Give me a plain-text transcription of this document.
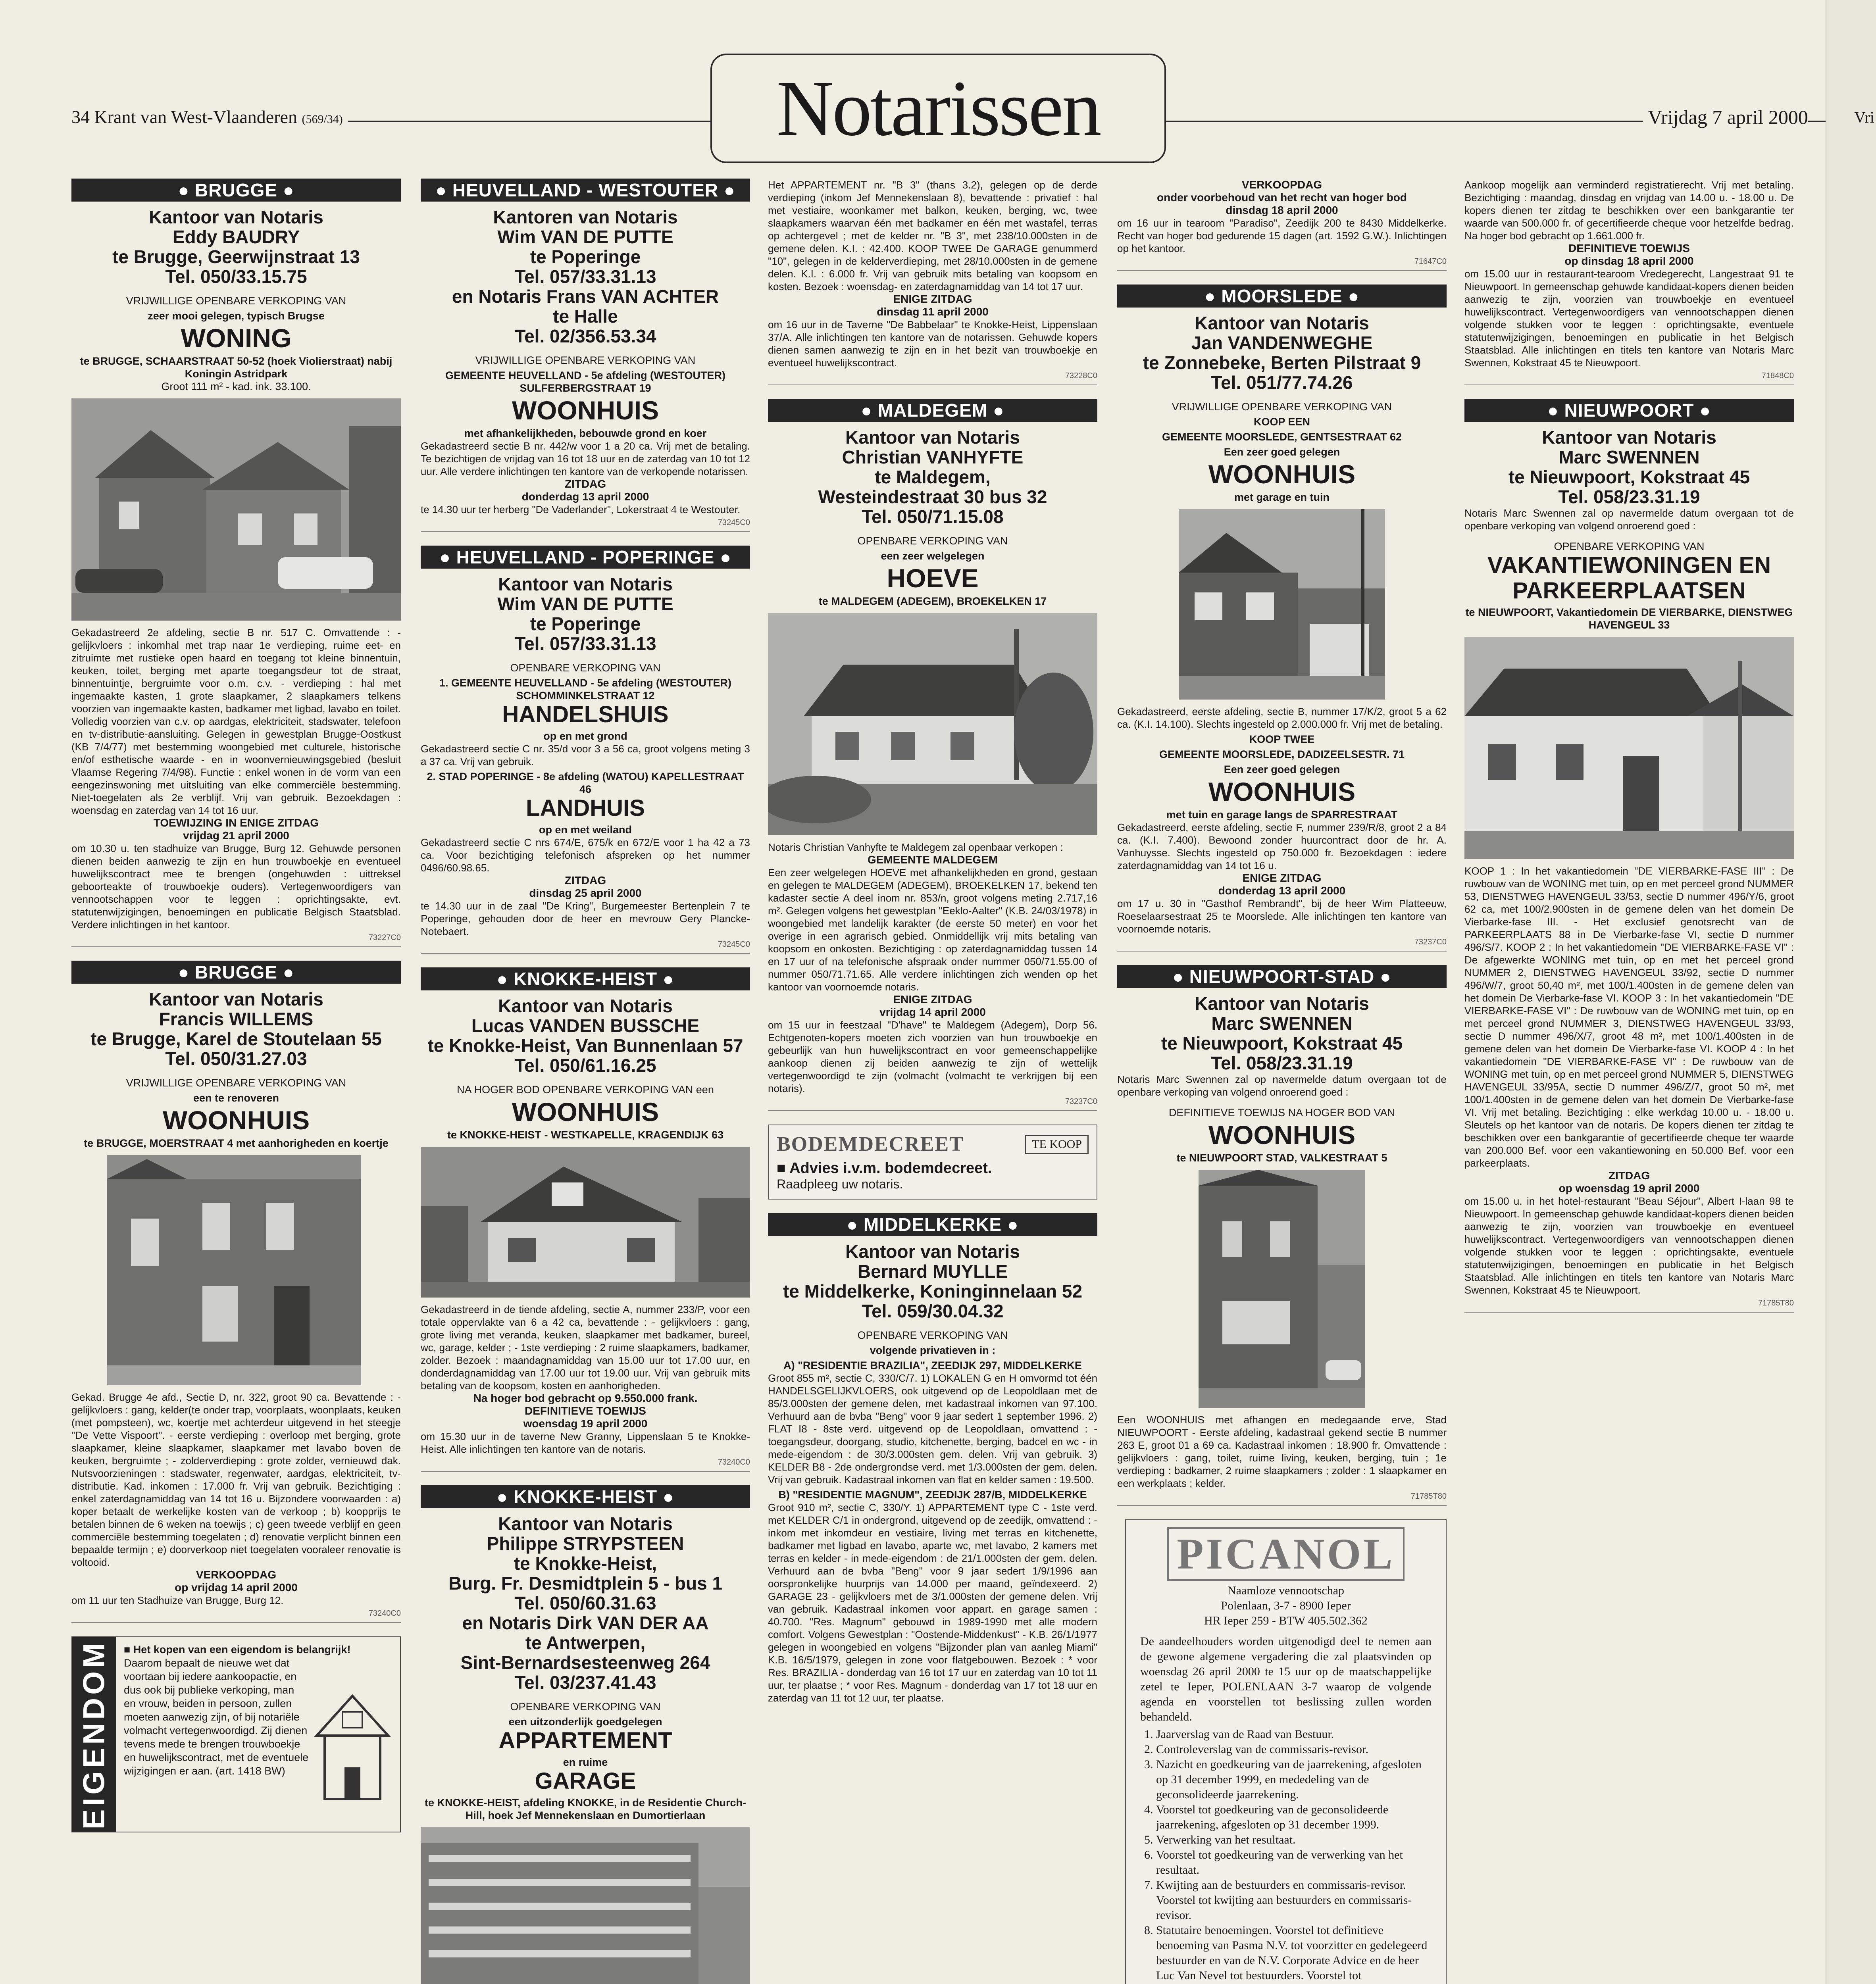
34 Krant van West-Vlaanderen (569/34)	Notarissen	Vrijdag 7 april 2000
● BRUGGE ●
Kantoor van Notaris
Eddy BAUDRY
te Brugge, Geerwijnstraat 13
Tel. 050/33.15.75
VRIJWILLIGE OPENBARE VERKOPING VAN
zeer mooi gelegen, typisch Brugse
WONING
te BRUGGE, SCHAARSTRAAT 50-52 (hoek Violierstraat) nabij Koningin Astridpark
Groot 111 m² - kad. ink. 33.100.
Gekadastreerd 2e afdeling, sectie B nr. 517 C. Omvattende : - gelijkvloers : inkomhal met trap naar 1e verdieping, ruime eet- en zitruimte met rustieke open haard en toegang tot kleine binnentuin, keuken, toilet, berging met aparte toegangsdeur tot de straat, binnentuintje, bergruimte voor o.m. c.v. - verdieping : hal met ingemaakte kasten, 1 grote slaapkamer, 2 slaapkamers telkens voorzien van ingemaakte kasten, badkamer met ligbad, lavabo en toilet. Volledig voorzien van c.v. op aardgas, elektriciteit, stadswater, telefoon en tv-distributie-aansluiting. Gelegen in gewestplan Brugge-Oostkust (KB 7/4/77) met bestemming woongebied met culturele, historische en/of esthetische waarde - en in woonvernieuwingsgebied (besluit Vlaamse Regering 7/4/98). Functie : enkel wonen in de vorm van een eengezinswoning met uitsluiting van elke commerciële bestemming. Niet-toegelaten als 2e verblijf. Vrij van gebruik. Bezoekdagen : woensdag en zaterdag van 14 tot 16 uur.
TOEWIJZING IN ENIGE ZITDAG
vrijdag 21 april 2000
om 10.30 u. ten stadhuize van Brugge, Burg 12. Gehuwde personen dienen beiden aanwezig te zijn en hun trouwboekje en eventueel huwelijkscontract mee te brengen (ongehuwden : uittreksel geboorteakte of trouwboekje ouders). Vertegenwoordigers van vennootschappen voor te leggen : oprichtingsakte, evt. statutenwijzigingen, benoemingen en publicatie Belgisch Staatsblad. Verdere inlichtingen in het kantoor.
73227C0
● BRUGGE ●
Kantoor van Notaris
Francis WILLEMS
te Brugge, Karel de Stoutelaan 55
Tel. 050/31.27.03
VRIJWILLIGE OPENBARE VERKOPING VAN
een te renoveren
WOONHUIS
te BRUGGE, MOERSTRAAT 4 met aanhorigheden en koertje
Gekad. Brugge 4e afd., Sectie D, nr. 322, groot 90 ca. Bevattende : - gelijkvloers : gang, kelder(te onder trap, voorplaats, woonplaats, keuken (met pompsteen), wc, koertje met achterdeur uitgevend in het steegje "De Vette Vispoort". - eerste verdieping : overloop met berging, grote slaapkamer, kleine slaapkamer, slaapkamer met lavabo boven de keuken, bergruimte ; - zolderverdieping : grote zolder, vernieuwd dak. Nutsvoorzieningen : stadswater, regenwater, aardgas, elektriciteit, tv-distributie. Kad. inkomen : 17.000 fr. Vrij van gebruik. Bezichtiging : enkel zaterdagnamiddag van 14 tot 16 u. Bijzondere voorwaarden : a) koper betaalt de werkelijke kosten van de verkoop ; b) koopprijs te betalen binnen de 6 weken na toewijs ; c) geen tweede verblijf en geen commerciële bestemming toegelaten ; d) renovatie verplicht binnen een bepaalde termijn ; e) doorverkoop niet toegelaten vooraleer renovatie is voltooid.
VERKOOPDAG
op vrijdag 14 april 2000
om 11 uur ten Stadhuize van Brugge, Burg 12.
73240C0
EIGENDOM ■ Het kopen van een eigendom is belangrijk!
Daarom bepaalt de nieuwe wet dat voortaan bij iedere aankoopactie, en dus ook bij publieke verkoping, man en vrouw, beiden in persoon, zullen moeten aanwezig zijn, of bij notariële volmacht vertegenwoordigd. Zij dienen tevens mede te brengen trouwboekje en huwelijkscontract, met de eventuele wijzigingen er aan. (art. 1418 BW)
● HEUVELLAND - WESTOUTER ●
Kantoren van Notaris
Wim VAN DE PUTTE
te Poperinge
Tel. 057/33.31.13
en Notaris Frans VAN ACHTER
te Halle
Tel. 02/356.53.34
VRIJWILLIGE OPENBARE VERKOPING VAN
GEMEENTE HEUVELLAND - 5e afdeling (WESTOUTER) SULFERBERGSTRAAT 19
WOONHUIS
met afhankelijkheden, bebouwde grond en koer
Gekadastreerd sectie B nr. 442/w voor 1 a 20 ca. Vrij met de betaling. Te bezichtigen de vrijdag van 16 tot 18 uur en de zaterdag van 10 tot 12 uur. Alle verdere inlichtingen ten kantore van de verkopende notarissen.
ZITDAG
donderdag 13 april 2000
te 14.30 uur ter herberg "De Vaderlander", Lokerstraat 4 te Westouter.
73245C0
● HEUVELLAND - POPERINGE ●
Kantoor van Notaris
Wim VAN DE PUTTE
te Poperinge
Tel. 057/33.31.13
OPENBARE VERKOPING VAN
1. GEMEENTE HEUVELLAND - 5e afdeling (WESTOUTER) SCHOMMINKELSTRAAT 12
HANDELSHUIS
op en met grond
Gekadastreerd sectie C nr. 35/d voor 3 a 56 ca, groot volgens meting 3 a 37 ca. Vrij van gebruik.
2. STAD POPERINGE - 8e afdeling (WATOU) KAPELLESTRAAT 46
LANDHUIS
op en met weiland
Gekadastreerd sectie C nrs 674/E, 675/k en 672/E voor 1 ha 42 a 73 ca. Voor bezichtiging telefonisch afspreken op het nummer 0496/60.98.65.
ZITDAG
dinsdag 25 april 2000
te 14.30 uur in de zaal "De Kring", Burgemeester Bertenplein 7 te Poperinge, gehouden door de heer en mevrouw Gery Plancke-Notebaert.
73245C0
● KNOKKE-HEIST ●
Kantoor van Notaris
Lucas VANDEN BUSSCHE
te Knokke-Heist, Van Bunnenlaan 57
Tel. 050/61.16.25
NA HOGER BOD OPENBARE VERKOPING VAN een
WOONHUIS
te KNOKKE-HEIST - WESTKAPELLE, KRAGENDIJK 63
Gekadastreerd in de tiende afdeling, sectie A, nummer 233/P, voor een totale oppervlakte van 6 a 42 ca, bevattende : - gelijkvloers : gang, grote living met veranda, keuken, slaapkamer met badkamer, bureel, wc, garage, kelder ; - 1ste verdieping : 2 ruime slaapkamers, badkamer, zolder. Bezoek : maandagnamiddag van 15.00 uur tot 17.00 uur, en donderdagnamiddag van 17.00 uur tot 19.00 uur. Vrij van gebruik mits betaling van de koopsom, kosten en aanhorigheden.
Na hoger bod gebracht op 9.550.000 frank.
DEFINITIEVE TOEWIJS
woensdag 19 april 2000
om 15.30 uur in de taverne New Granny, Lippenslaan 5 te Knokke-Heist. Alle inlichtingen ten kantore van de notaris.
73240C0
● KNOKKE-HEIST ●
Kantoor van Notaris
Philippe STRYPSTEEN
te Knokke-Heist,
Burg. Fr. Desmidtplein 5 - bus 1
Tel. 050/60.31.63
en Notaris Dirk VAN DER AA
te Antwerpen,
Sint-Bernardsesteenweg 264
Tel. 03/237.41.43
OPENBARE VERKOPING VAN
een uitzonderlijk goedgelegen
APPARTEMENT
en ruime
GARAGE
te KNOKKE-HEIST, afdeling KNOKKE, in de Residentie Church-Hill, hoek Jef Mennekenslaan en Dumortierlaan
Het APPARTEMENT nr. "B 3" (thans 3.2), gelegen op de derde verdieping (inkom Jef Mennekenslaan 8), bevattende : privatief : hal met vestiaire, woonkamer met balkon, keuken, berging, wc, twee slaapkamers waarvan één met badkamer en één met wastafel, terras op achtergevel ; met de kelder nr. "B 3", met 238/10.000sten in de gemene delen. K.I. : 42.400. KOOP TWEE De GARAGE genummerd "10", gelegen in de kelderverdieping, met 28/10.000sten in de gemene delen. K.I. : 6.000 fr. Vrij van gebruik mits betaling van koopsom en kosten. Bezoek : woensdag- en zaterdagnamiddag van 14 tot 17 uur.
ENIGE ZITDAG
dinsdag 11 april 2000
om 16 uur in de Taverne "De Babbelaar" te Knokke-Heist, Lippenslaan 37/A. Alle inlichtingen ten kantore van de notarissen. Gehuwde kopers dienen samen aanwezig te zijn en in het bezit van trouwboekje en eventueel huwelijkscontract.
73228C0
● MALDEGEM ●
Kantoor van Notaris
Christian VANHYFTE
te Maldegem,
Westeindestraat 30 bus 32
Tel. 050/71.15.08
OPENBARE VERKOPING VAN
een zeer welgelegen
HOEVE
te MALDEGEM (ADEGEM), BROEKELKEN 17
Notaris Christian Vanhyfte te Maldegem zal openbaar verkopen :
GEMEENTE MALDEGEM
Een zeer welgelegen HOEVE met afhankelijkheden en grond, gestaan en gelegen te MALDEGEM (ADEGEM), BROEKELKEN 17, bekend ten kadaster sectie A deel inom nr. 853/n, groot volgens meting 2.717,16 m². Gelegen volgens het gewestplan "Eeklo-Aalter" (K.B. 24/03/1978) in woongebied met landelijk karakter (de eerste 50 meter) en voor het overige in een agrarisch gebied. Onmiddellijk vrij mits betaling van koopsom en onkosten. Bezichtiging : op zaterdagnamiddag tussen 14 en 17 uur of na telefonische afspraak onder nummer 050/71.55.00 of nummer 050/71.71.65. Alle verdere inlichtingen zich wenden op het kantoor van voornoemde notaris.
ENIGE ZITDAG
vrijdag 14 april 2000
om 15 uur in feestzaal "D'have" te Maldegem (Adegem), Dorp 56. Echtgenoten-kopers moeten zich voorzien van hun trouwboekje en gebeurlijk van hun huwelijkscontract en voor gemeenschappelijke aankoop dienen zij beiden aanwezig te zijn of wettelijk vertegenwoordigd te zijn (volmacht (volmacht te verkrijgen bij een notaris).
73237C0
BODEMDECREET	TE KOOP
■ Advies i.v.m. bodemdecreet.
Raadpleeg uw notaris.
● MIDDELKERKE ●
Kantoor van Notaris
Bernard MUYLLE
te Middelkerke, Koninginnelaan 52
Tel. 059/30.04.32
OPENBARE VERKOPING VAN
volgende privatieven in :
A) "RESIDENTIE BRAZILIA", ZEEDIJK 297, MIDDELKERKE
Groot 855 m², sectie C, 330/C/7. 1) LOKALEN G en H omvormd tot één HANDELSGELIJKVLOERS, ook uitgevend op de Leopoldlaan met de 85/3.000sten der gemene delen, met kadastraal inkomen van 97.100. Verhuurd aan de bvba "Beng" voor 9 jaar sedert 1 september 1996. 2) FLAT I8 - 8ste verd. uitgevend op de Leopoldlaan, omvattend : - toegangsdeur, doorgang, studio, kitchenette, berging, badcel en wc - in mede-eigendom : de 30/3.000sten gem. delen. Vrij van gebruik. 3) KELDER B8 - 2de ondergrondse verd. met 1/3.000sten der gem. delen. Vrij van gebruik. Kadastraal inkomen van flat en kelder samen : 19.500.
B) "RESIDENTIE MAGNUM", ZEEDIJK 287/B, MIDDELKERKE
Groot 910 m², sectie C, 330/Y. 1) APPARTEMENT type C - 1ste verd. met KELDER C/1 in ondergrond, uitgevend op de zeedijk, omvattend : - inkom met inkomdeur en vestiaire, living met terras en kitchenette, badkamer met ligbad en lavabo, aparte wc, met lavabo, 2 kamers met terras en kelder - in mede-eigendom : de 21/1.000sten der gem. delen. Verhuurd aan de bvba "Beng" voor 9 jaar sedert 1/9/1996 aan oorspronkelijke huurprijs van 14.000 per maand, geïndexeerd. 2) GARAGE 23 - gelijkvloers met de 3/1.000sten der gemene delen. Vrij van gebruik. Kadastraal inkomen voor appart. en garage samen : 40.700. "Res. Magnum" gebouwd in 1989-1990 met alle modern comfort. Volgens Gewestplan : "Oostende-Middenkust" - K.B. 26/1/1977 gelegen in woongebied en volgens "Bijzonder plan van aanleg Miami" K.B. 16/5/1979, gelegen in zone voor flatgebouwen. Bezoek : * voor Res. BRAZILIA - donderdag van 16 tot 17 uur en zaterdag van 10 tot 11 uur, ter plaatse ; * voor Res. Magnum - donderdag van 17 tot 18 uur en zaterdag van 11 tot 12 uur, ter plaatse.
VERKOOPDAG
onder voorbehoud van het recht van hoger bod
dinsdag 18 april 2000
om 16 uur in tearoom "Paradiso", Zeedijk 200 te 8430 Middelkerke. Recht van hoger bod gedurende 15 dagen (art. 1592 G.W.). Inlichtingen op het kantoor.
71647C0
● MOORSLEDE ●
Kantoor van Notaris
Jan VANDENWEGHE
te Zonnebeke, Berten Pilstraat 9
Tel. 051/77.74.26
VRIJWILLIGE OPENBARE VERKOPING VAN
KOOP EEN
GEMEENTE MOORSLEDE, GENTSESTRAAT 62
Een zeer goed gelegen
WOONHUIS
met garage en tuin
Gekadastreerd, eerste afdeling, sectie B, nummer 17/K/2, groot 5 a 62 ca. (K.I. 14.100). Slechts ingesteld op 2.000.000 fr. Vrij met de betaling.
KOOP TWEE
GEMEENTE MOORSLEDE, DADIZEELSESTR. 71
Een zeer goed gelegen
WOONHUIS
met tuin en garage langs de SPARRESTRAAT
Gekadastreerd, eerste afdeling, sectie F, nummer 239/R/8, groot 2 a 84 ca. (K.I. 7.400). Bewoond zonder huurcontract door de hr. A. Vanhuysse. Slechts ingesteld op 750.000 fr. Bezoekdagen : iedere zaterdagnamiddag van 14 tot 16 u.
ENIGE ZITDAG
donderdag 13 april 2000
om 17 u. 30 in "Gasthof Rembrandt", bij de heer Wim Platteeuw, Roeselaarsestraat 25 te Moorslede. Alle inlichtingen ten kantore van voornoemde notaris.
73237C0
● NIEUWPOORT-STAD ●
Kantoor van Notaris
Marc SWENNEN
te Nieuwpoort, Kokstraat 45
Tel. 058/23.31.19
Notaris Marc Swennen zal op navermelde datum overgaan tot de openbare verkoping van volgend onroerend goed :
DEFINITIEVE TOEWIJS NA HOGER BOD VAN
WOONHUIS
te NIEUWPOORT STAD, VALKESTRAAT 5
Een WOONHUIS met afhangen en medegaande erve, Stad NIEUWPOORT - Eerste afdeling, kadastraal gekend sectie B nummer 263 E, groot 01 a 69 ca. Kadastraal inkomen : 18.900 fr. Omvattende : gelijkvloers : gang, toilet, ruime living, keuken, berging, tuin ; 1e verdieping : badkamer, 2 ruime slaapkamers ; zolder : 1 slaapkamer en een werkplaats ; kelder.
71785T80
PICANOL

Naamloze vennootschap

Polenlaan, 3-7 - 8900 Ieper

HR Ieper 259 - BTW 405.502.362

De aandeelhouders worden uitgenodigd deel te nemen aan de gewone algemene vergadering die zal plaatsvinden op woensdag 26 april 2000 te 15 uur op de maatschappelijke zetel te Ieper, POLENLAAN 3-7 waarop de volgende agenda en voorstellen tot beslissing zullen worden behandeld.

1. Jaarverslag van de Raad van Bestuur.
2. Controleverslag van de commissaris-revisor.
3. Nazicht en goedkeuring van de jaarrekening, afgesloten op 31 december 1999, en mededeling van de geconsolideerde jaarrekening.
4. Voorstel tot goedkeuring van de geconsolideerde jaarrekening, afgesloten op 31 december 1999.
5. Verwerking van het resultaat.
6. Voorstel tot goedkeuring van de verwerking van het resultaat.
7. Kwijting aan de bestuurders en commissaris-revisor. Voorstel tot kwijting aan bestuurders en commissaris-revisor.
8. Statutaire benoemingen. Voorstel tot definitieve benoeming van Pasma N.V. tot voorzitter en gedelegeerd bestuurder en van de N.V. Corporate Advice en de heer Luc Van Nevel tot bestuurders. Voorstel tot

Aankoop mogelijk aan verminderd registratierecht. Vrij met betaling. Bezichtiging : maandag, dinsdag en vrijdag van 14.00 u. - 18.00 u. De kopers dienen ter zitdag te beschikken over een bankgarantie ter waarde van 500.000 fr. of gecertifieerde cheque voor hetzelfde bedrag. Na hoger bod gebracht op 1.661.000 fr.
DEFINITIEVE TOEWIJS
op dinsdag 18 april 2000
om 15.00 uur in restaurant-tearoom Vredegerecht, Langestraat 91 te Nieuwpoort. In gemeenschap gehuwde kandidaat-kopers dienen beiden aanwezig te zijn, voorzien van trouwboekje en eventueel huwelijkscontract. Vertegenwoordigers van vennootschappen dienen volgende stukken voor te leggen : oprichtingsakte, eventuele statutenwijzigingen, benoemingen en publicatie in het Belgisch Staatsblad. Alle inlichtingen en titels ten kantore van Notaris Marc Swennen, Kokstraat 45 te Nieuwpoort.
71848C0
● NIEUWPOORT ●
Kantoor van Notaris
Marc SWENNEN
te Nieuwpoort, Kokstraat 45
Tel. 058/23.31.19
Notaris Marc Swennen zal op navermelde datum overgaan tot de openbare verkoping van volgend onroerend goed :
OPENBARE VERKOPING VAN
VAKANTIEWONINGEN EN PARKEERPLAATSEN
te NIEUWPOORT, Vakantiedomein DE VIERBARKE, DIENSTWEG HAVENGEUL 33
KOOP 1 : In het vakantiedomein "DE VIERBARKE-FASE III" : De ruwbouw van de WONING met tuin, op en met perceel grond NUMMER 53, DIENSTWEG HAVENGEUL 33/53, sectie D nummer 496/Y/6, groot 62 ca, met 100/2.900sten in de gemene delen van het domein De Vierbarke-fase III. - Het exclusief genotsrecht van de PARKEERPLAATS 88 in De Vierbarke-fase VI, sectie D nummer 496/S/7. KOOP 2 : In het vakantiedomein "DE VIERBARKE-FASE VI" : De afgewerkte WONING met tuin, op en met het perceel grond NUMMER 2, DIENSTWEG HAVENGEUL 33/92, sectie D nummer 496/W/7, groot 50,40 m², met 100/1.400sten in de gemene delen van het domein De Vierbarke-fase VI. KOOP 3 : In het vakantiedomein "DE VIERBARKE-FASE VI" : De ruwbouw van de WONING met tuin, op en met perceel grond NUMMER 3, DIENSTWEG HAVENGEUL 33/93, sectie D nummer 496/X/7, groot 48 m², met 100/1.400sten in de gemene delen van het domein De Vierbarke-fase VI. KOOP 4 : In het vakantiedomein "DE VIERBARKE-FASE VI" : De ruwbouw van de WONING met tuin, op en met perceel grond NUMMER 5, DIENSTWEG HAVENGEUL 33/95A, sectie D nummer 496/Z/7, groot 50 m², met 100/1.400sten in de gemene delen van het domein De Vierbarke-fase VI. Vrij met betaling. Bezichtiging : elke werkdag 10.00 u. - 18.00 u. Sleutels op het kantoor van de notaris. De kopers dienen ter zitdag te beschikken over een bankgarantie of gecertifieerde cheque ter waarde van 200.000 Bef. voor een vakantiewoning en 50.000 Bef. voor een parkeerplaats.
ZITDAG
op woensdag 19 april 2000
om 15.00 u. in het hotel-restaurant "Beau Séjour", Albert I-laan 98 te Nieuwpoort. In gemeenschap gehuwde kandidaat-kopers dienen beiden aanwezig te zijn, voorzien van trouwboekje en eventueel huwelijkscontract. Vertegenwoordigers van vennootschappen dienen volgende stukken voor te leggen : oprichtingsakte, eventuele statutenwijzigingen, benoemingen en publicatie in het Belgisch Staatsblad. Alle inlichtingen en titels ten kantore van Notaris Marc Swennen, Kokstraat 45 te Nieuwpoort.
71785T80
Vri
